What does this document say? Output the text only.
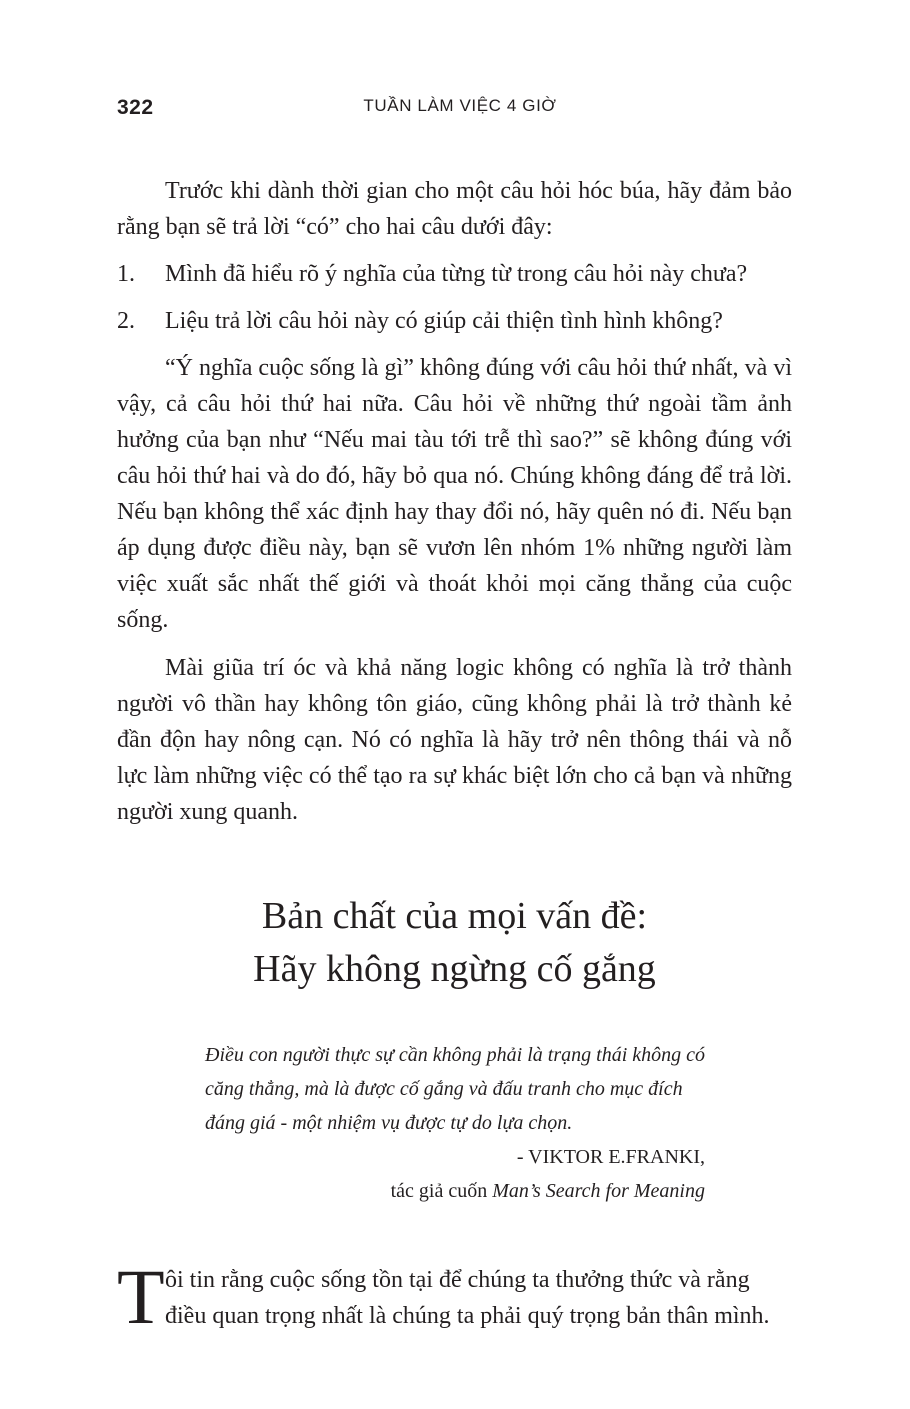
322	TUẦN LÀM VIỆC 4 GIỜ

Trước khi dành thời gian cho một câu hỏi hóc búa, hãy đảm bảo rằng bạn sẽ trả lời “có” cho hai câu dưới đây:

1.	Mình đã hiểu rõ ý nghĩa của từng từ trong câu hỏi này chưa?
2.	Liệu trả lời câu hỏi này có giúp cải thiện tình hình không?

“Ý nghĩa cuộc sống là gì” không đúng với câu hỏi thứ nhất, và vì vậy, cả câu hỏi thứ hai nữa. Câu hỏi về những thứ ngoài tầm ảnh hưởng của bạn như “Nếu mai tàu tới trễ thì sao?” sẽ không đúng với câu hỏi thứ hai và do đó, hãy bỏ qua nó. Chúng không đáng để trả lời. Nếu bạn không thể xác định hay thay đổi nó, hãy quên nó đi. Nếu bạn áp dụng được điều này, bạn sẽ vươn lên nhóm 1% những người làm việc xuất sắc nhất thế giới và thoát khỏi mọi căng thẳng của cuộc sống.

Mài giũa trí óc và khả năng logic không có nghĩa là trở thành người vô thần hay không tôn giáo, cũng không phải là trở thành kẻ đần độn hay nông cạn. Nó có nghĩa là hãy trở nên thông thái và nỗ lực làm những việc có thể tạo ra sự khác biệt lớn cho cả bạn và những người xung quanh.

Bản chất của mọi vấn đề:
Hãy không ngừng cố gắng

Điều con người thực sự cần không phải là trạng thái không có căng thẳng, mà là được cố gắng và đấu tranh cho mục đích đáng giá - một nhiệm vụ được tự do lựa chọn.

- VIKTOR E.FRANKI,

tác giả cuốn Man’s Search for Meaning

T ôi tin rằng cuộc sống tồn tại để chúng ta thưởng thức và rằng

điều quan trọng nhất là chúng ta phải quý trọng bản thân mình.
